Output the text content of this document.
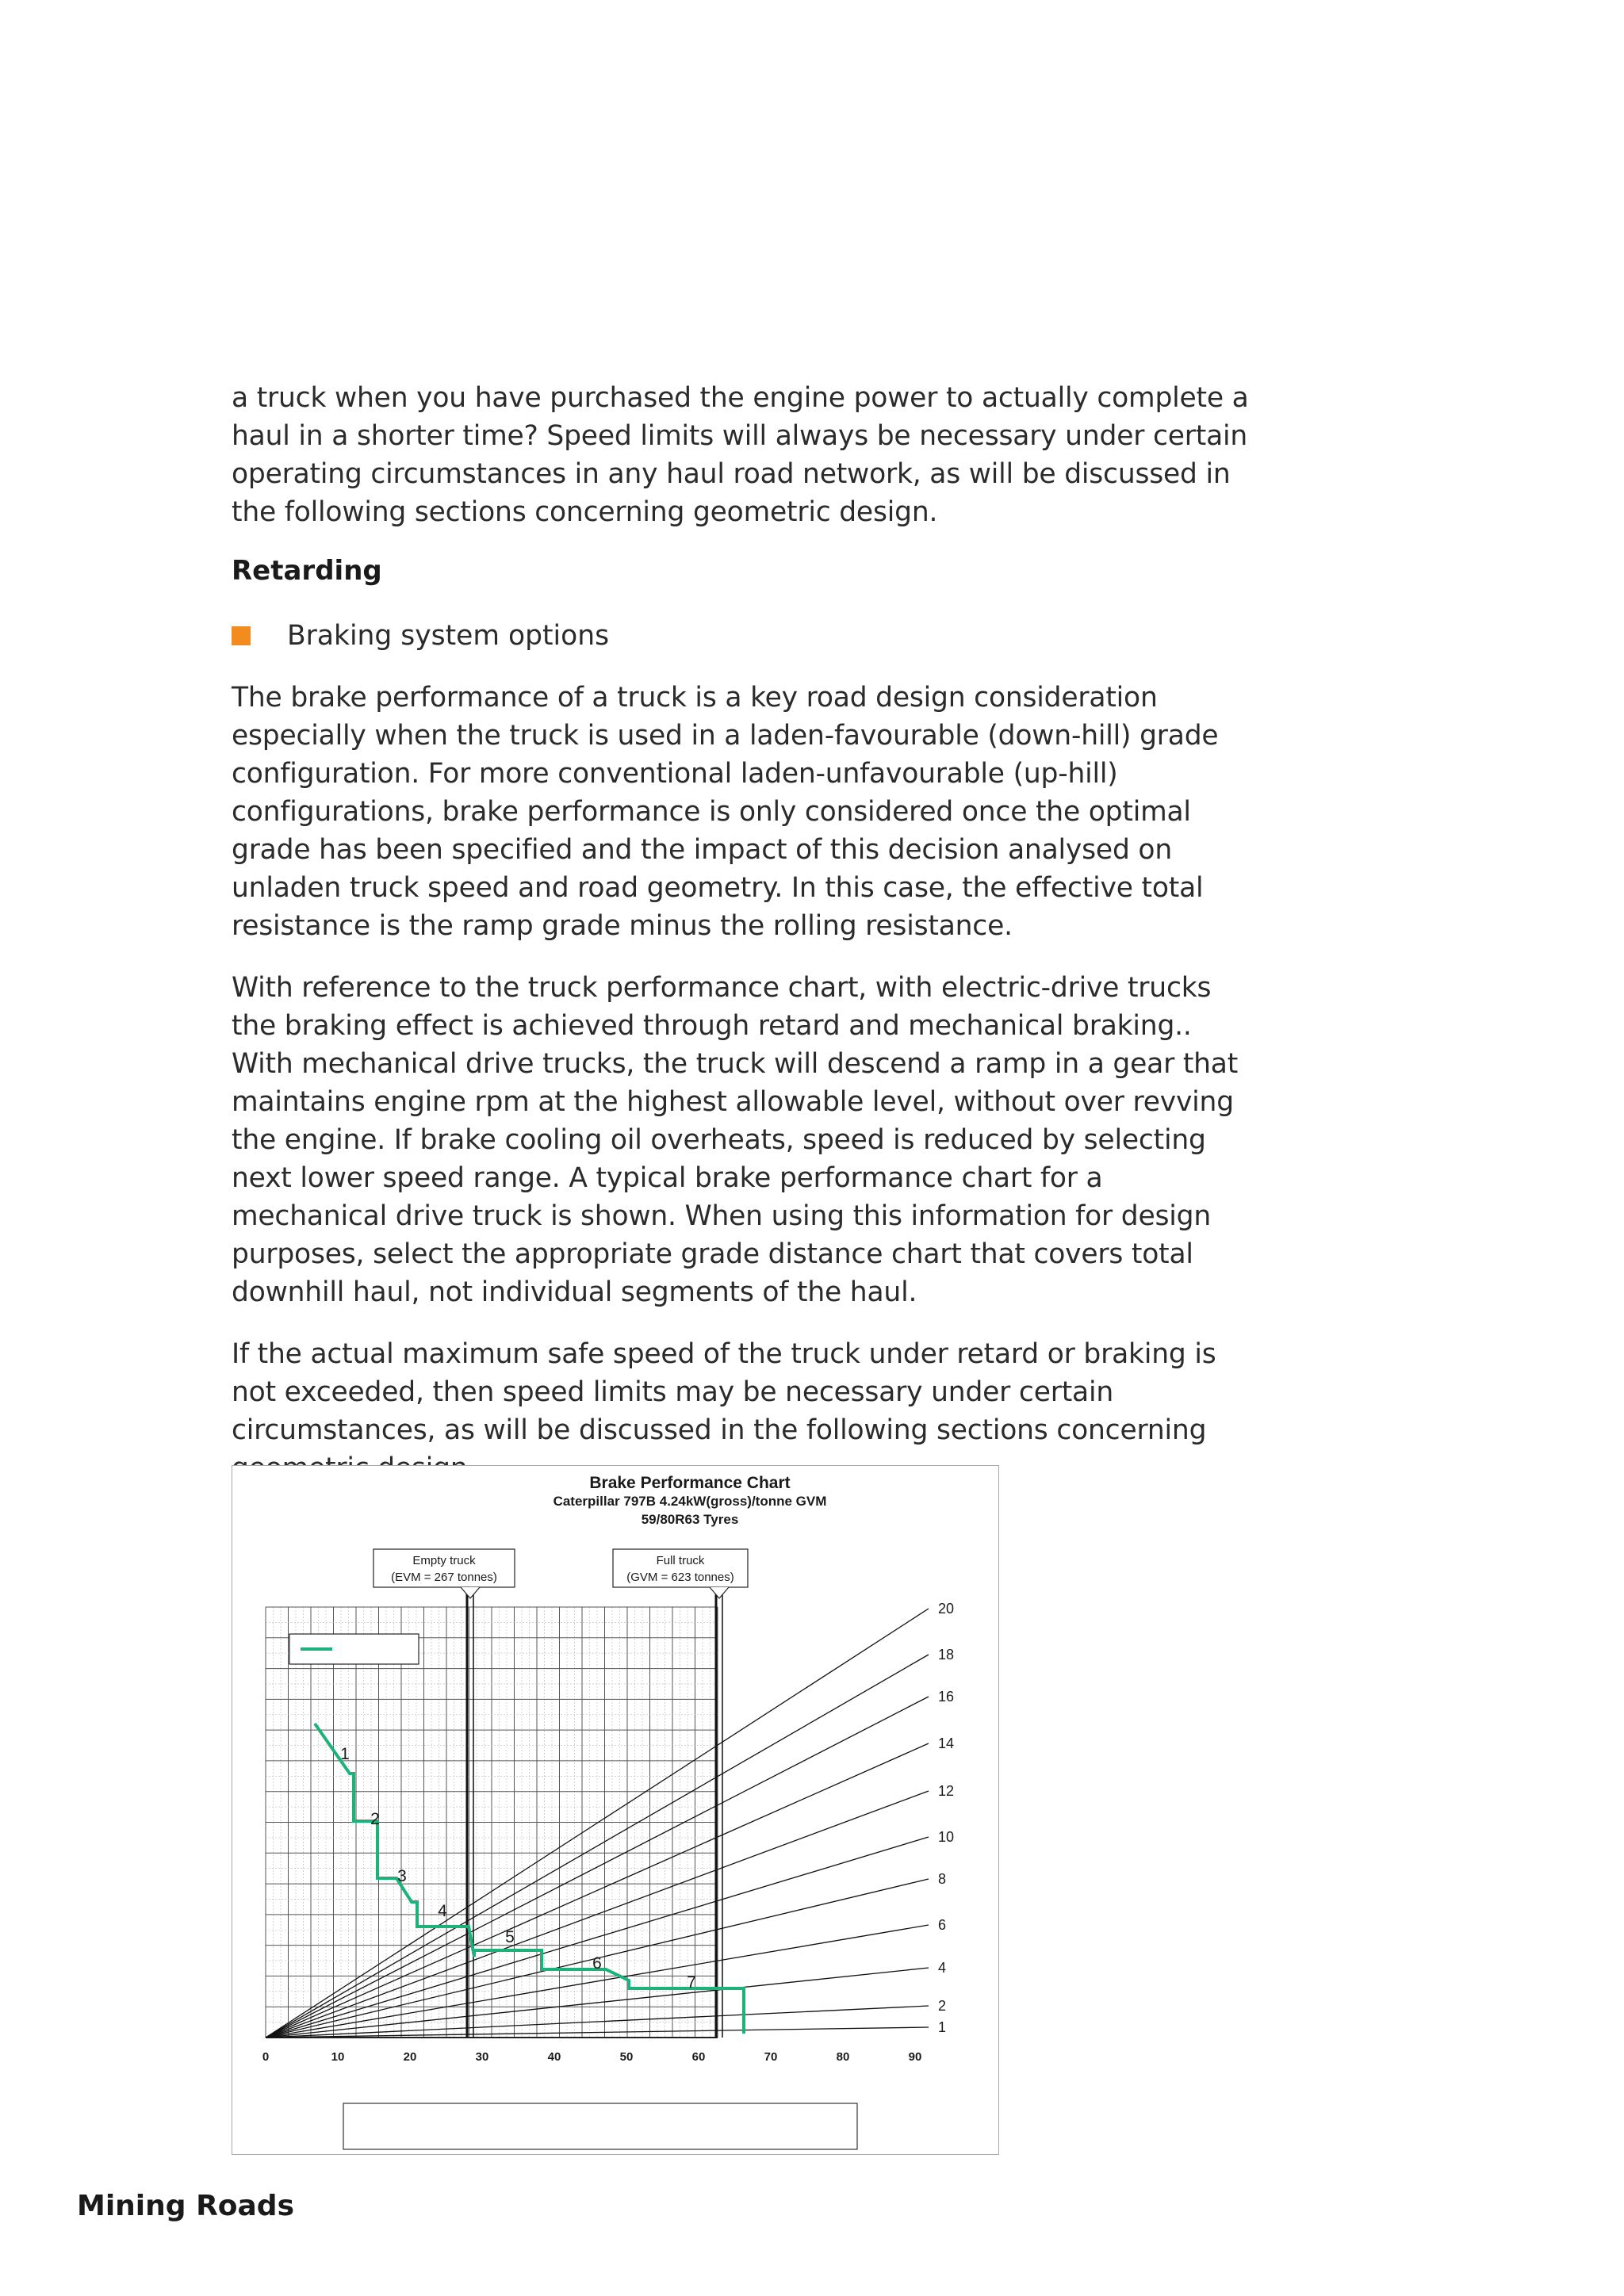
a truck when you have purchased the engine power to actually complete a haul in a shorter time? Speed limits will always be necessary under certain operating circumstances in any haul road network, as will be discussed in the following sections concerning geometric design.

Retarding
Braking system options

The brake performance of a truck is a key road design consideration especially when the truck is used in a laden-favourable (down-hill) grade configuration. For more conventional laden-unfavourable (up-hill) configurations, brake performance is only considered once the optimal grade has been specified and the impact of this decision analysed on unladen truck speed and road geometry. In this case, the effective total resistance is the ramp grade minus the rolling resistance.

With reference to the truck performance chart, with electric-drive trucks the braking effect is achieved through retard and mechanical braking.. With mechanical drive trucks, the truck will descend a ramp in a gear that maintains engine rpm at the highest allowable level, without over revving the engine. If brake cooling oil overheats, speed is reduced by selecting next lower speed range. A typical brake performance chart for a mechanical drive truck is shown. When using this information for design purposes, select the appropriate grade distance chart that covers total downhill haul, not individual segments of the haul.

If the actual maximum safe speed of the truck under retard or braking is not exceeded, then speed limits may be necessary under certain circumstances, as will be discussed in the following sections concerning

0	10	20	30	40	50	60	70	80	90
1
2
4
6
8
10
12
14
16
18
20
Empty truck
(EVM = 267 tonnes)
Full truck
(GVM = 623 tonnes)
1
2
3
4
5
6
7
Brake Performance Chart
Caterpillar 797B 4.24kW(gross)/tonne GVM
59/80R63 Tyres

Mining Roads
